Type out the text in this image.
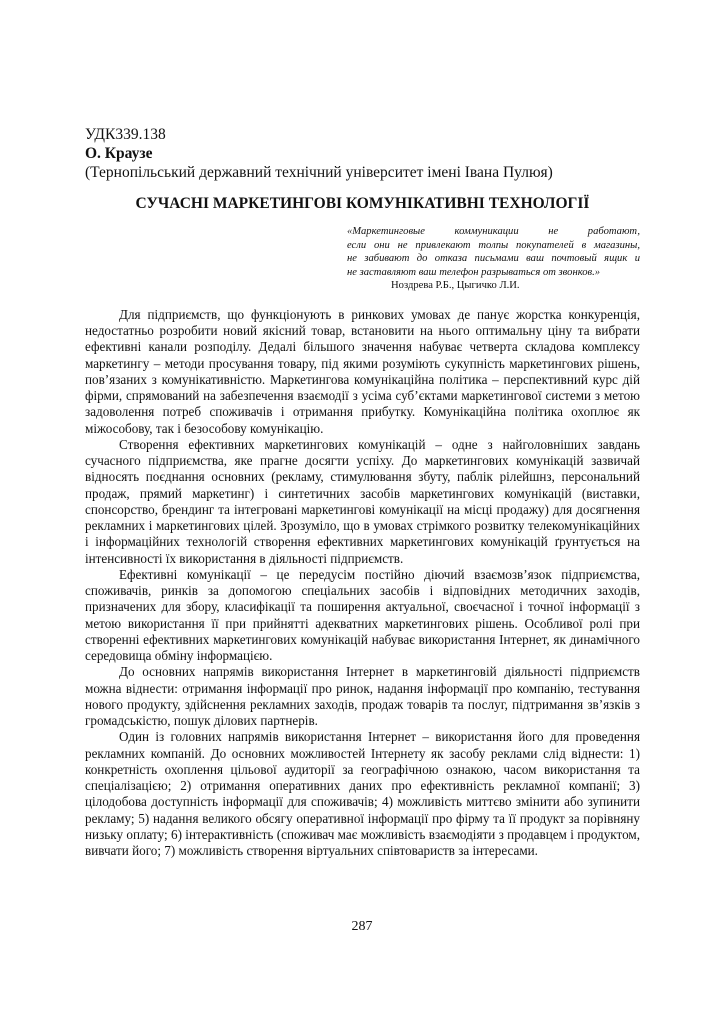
УДК339.138
О. Краузе
(Тернопільський державний технічний університет імені Івана Пулюя)
СУЧАСНІ МАРКЕТИНГОВІ КОМУНІКАТИВНІ ТЕХНОЛОГІЇ
«Маркетинговые коммуникации не работают,
если они не привлекают толпы покупателей в магазины,
не забивают до отказа письмами ваш почтовый ящик и
не заставляют ваш телефон разрываться от звонков.»
Ноздрева Р.Б., Цыгичко Л.И.

Для підприємств, що функціонують в ринкових умовах де панує жорстка конкуренція, недостатньо розробити новий якісний товар, встановити на нього оптимальну ціну та вибрати ефективні канали розподілу. Дедалі більшого значення набуває четверта складова комплексу маркетингу – методи просування товару, під якими розуміють сукупність маркетингових рішень, пов’язаних з комунікативністю. Маркетингова комунікаційна політика – перспективний курс дій фірми, спрямований на забезпечення взаємодії з усіма суб’єктами маркетингової системи з метою задоволення потреб споживачів і отримання прибутку. Комунікаційна політика охоплює як міжособову, так і безособову комунікацію.

Створення ефективних маркетингових комунікацій – одне з найголовніших завдань сучасного підприємства, яке прагне досягти успіху. До маркетингових комунікацій зазвичай відносять поєднання основних (рекламу, стимулювання збуту, паблік рілейшнз, персональний продаж, прямий маркетинг) і синтетичних засобів маркетингових комунікацій (виставки, спонсорство, брендинг та інтегровані маркетингові комунікації на місці продажу) для досягнення рекламних і маркетингових цілей. Зрозуміло, що в умовах стрімкого розвитку телекомунікаційних і інформаційних технологій створення ефективних маркетингових комунікацій ґрунтується на інтенсивності їх використання в діяльності підприємств.

Ефективні комунікації – це передусім постійно діючий взаємозв’язок підприємства, споживачів, ринків за допомогою спеціальних засобів і відповідних методичних заходів, призначених для збору, класифікації та поширення актуальної, своєчасної і точної інформації з метою використання її при прийнятті адекватних маркетингових рішень. Особливої ролі при створенні ефективних маркетингових комунікацій набуває використання Інтернет, як динамічного середовища обміну інформацією.

До основних напрямів використання Інтернет в маркетинговій діяльності підприємств можна віднести: отримання інформації про ринок, надання інформації про компанію, тестування нового продукту, здійснення рекламних заходів, продаж товарів та послуг, підтримання зв’язків з громадськістю, пошук ділових партнерів.

Один із головних напрямів використання Інтернет – використання його для проведення рекламних компаній. До основних можливостей Інтернету як засобу реклами слід віднести: 1) конкретність охоплення цільової аудиторії за географічною ознакою, часом використання та спеціалізацією; 2) отримання оперативних даних про ефективність рекламної компанії; 3) цілодобова доступність інформації для споживачів; 4) можливість миттєво змінити або зупинити рекламу; 5) надання великого обсягу оперативної інформації про фірму та її продукт за порівняну низьку оплату; 6) інтерактивність (споживач має можливість взаємодіяти з продавцем і продуктом, вивчати його; 7) можливість створення віртуальних співтовариств за інтересами.

287
